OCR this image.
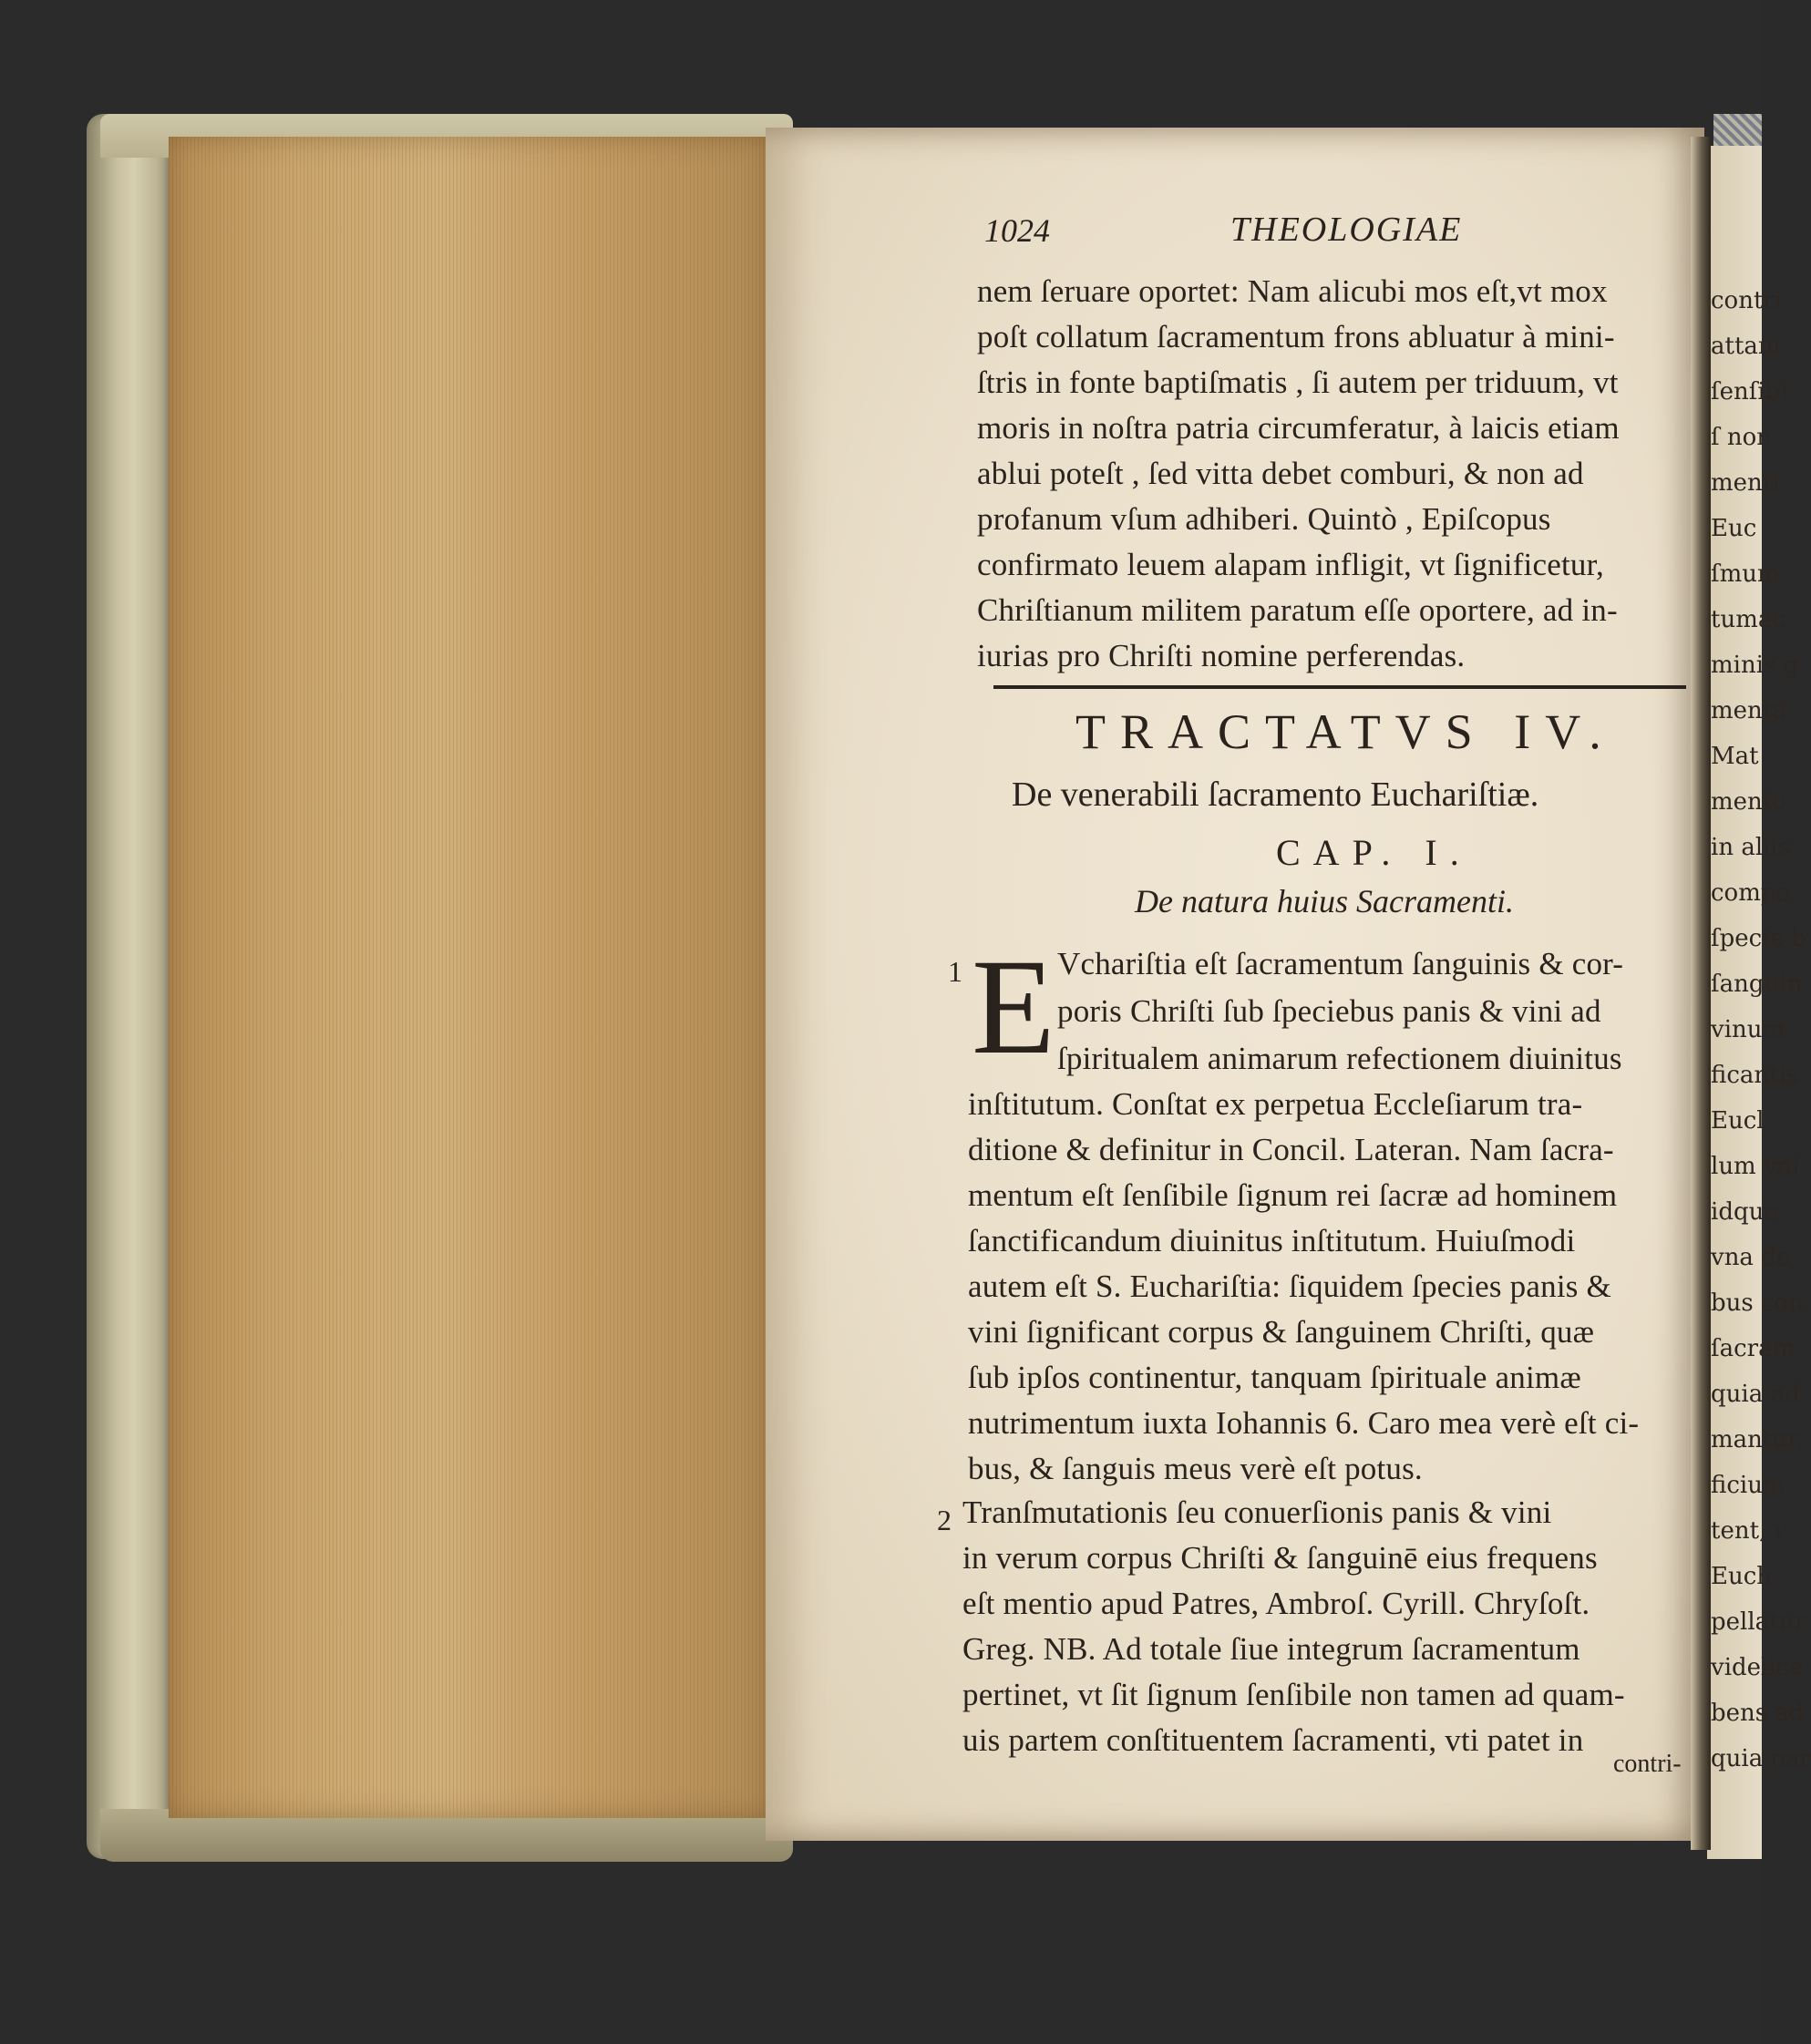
contri
attam
ſenſibi
ſ non
menti
Euc
ſmum
tumac
minis g
menta
Mat
mento
in aliis
compo
ſpecie b
ſanguin
vinum
ficantis
Eucl
lum vni
idque
vna do
bus con
ſacram
quia ad
mantur,
ficium
tent, v
Euch
pellatur
videlice
bens ad
quia par
1024	THEOLOGIAE
nem ſeruare oportet: Nam alicubi mos eſt,vt mox
poſt collatum ſacramentum frons abluatur à mini-
ſtris in fonte baptiſmatis , ſi autem per triduum, vt
moris in noſtra patria circumferatur, à laicis etiam
ablui poteſt , ſed vitta debet comburi, & non ad
profanum vſum adhiberi. Quintò , Epiſcopus
confirmato leuem alapam infligit, vt ſignificetur,
Chriſtianum militem paratum eſſe oportere, ad in-
iurias pro Chriſti nomine perferendas.
TRACTATVS IV.
De venerabili ſacramento Euchariſtiæ.
CAP. I.
De natura huius Sacramenti.
1 E Vchariſtia eſt ſacramentum ſanguinis & cor-
poris Chriſti ſub ſpeciebus panis & vini ad
ſpiritualem animarum refectionem diuinitus
inſtitutum. Conſtat ex perpetua Eccleſiarum tra-
ditione & definitur in Concil. Lateran. Nam ſacra-
mentum eſt ſenſibile ſignum rei ſacræ ad hominem
ſanctificandum diuinitus inſtitutum. Huiuſmodi
autem eſt S. Euchariſtia: ſiquidem ſpecies panis &
vini ſignificant corpus & ſanguinem Chriſti, quæ
ſub ipſos continentur, tanquam ſpirituale animæ
nutrimentum iuxta Iohannis 6. Caro mea verè eſt ci-
bus, & ſanguis meus verè eſt potus.
2 Tranſmutationis ſeu conuerſionis panis & vini
in verum corpus Chriſti & ſanguinē eius frequens
eſt mentio apud Patres, Ambroſ. Cyrill. Chryſoſt.
Greg. NB. Ad totale ſiue integrum ſacramentum
pertinet, vt ſit ſignum ſenſibile non tamen ad quam-
uis partem conſtituentem ſacramenti, vti patet in
contri-
